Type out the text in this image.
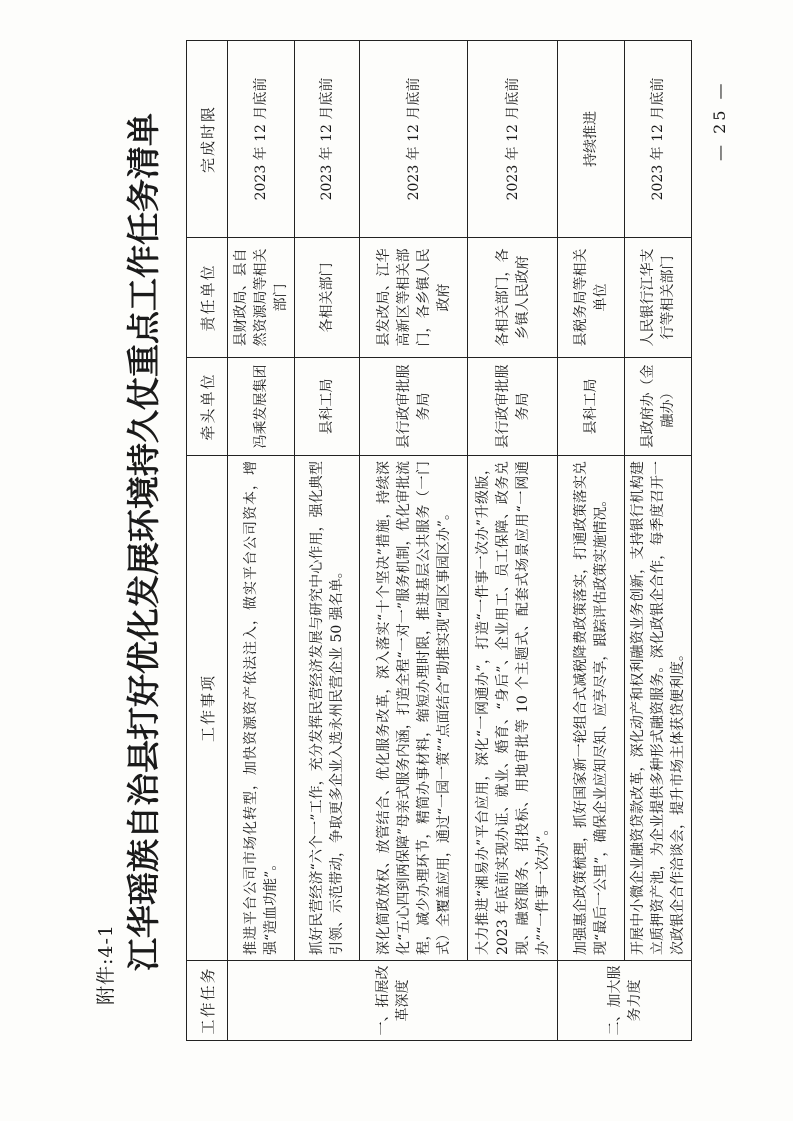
附件:4-1 江华瑶族自治县打好优化发展环境持久仗重点工作任务清单
工作任务	工作事项	牵头单位	责任单位	完成时限
一、拓展改革深度	推进平台公司市场化转型，加快资源资产依法注入，做实平台公司资本，增强“造血功能”。	冯乘发展集团	县财政局、县自然资源局等相关部门	2023 年 12 月底前
	抓好民营经济“六个一”工作，充分发挥民营经济发展与研究中心作用，强化典型引领、示范带动，争取更多企业入选永州民营企业 50 强名单。	县科工局	各相关部门	2023 年 12 月底前
	深化简政放权、放管结合、优化服务改革，深入落实“十个坚决”措施，持续深化“五心四到两保障”母亲式服务内涵，打造全程“一对一”服务机制，优化审批流程，减少办理环节，精简办事材料，缩短办理时限，推进基层公共服务（一门式）全覆盖应用，通过“一园一策”“点面结合”助推实现“园区事园区办”。	县行政审批服务局	县发改局、江华高新区等相关部门，各乡镇人民政府	2023 年 12 月底前
	大力推进“湘易办”平台应用，深化“一网通办”，打造“一件事一次办”升级版，2023 年底前实现办证、就业、婚育、“身后”、企业用工、员工保障、政务兑现、融资服务、招投标、用地审批等 10 个主题式、配套式场景应用“一网通办”“一件事一次办”。	县行政审批服务局	各相关部门，各乡镇人民政府	2023 年 12 月底前
二、加大服务力度	加强惠企政策梳理，抓好国家新一轮组合式减税降费政策落实，打通政策落实兑现“最后一公里”，确保企业应知尽知、应享尽享，跟踪评估政策实施情况。	县科工局	县税务局等相关单位	持续推进
	开展中小微企业融资贷款改革，深化动产和权利融资业务创新，支持银行机构建立质押资产池，为企业提供多种形式融资服务。深化政银企合作，每季度召开一次政银企合作洽谈会，提升市场主体获贷便利度。	县政府办（金融办）	人民银行江华支行等相关部门	2023 年 12 月底前	— 25 —
